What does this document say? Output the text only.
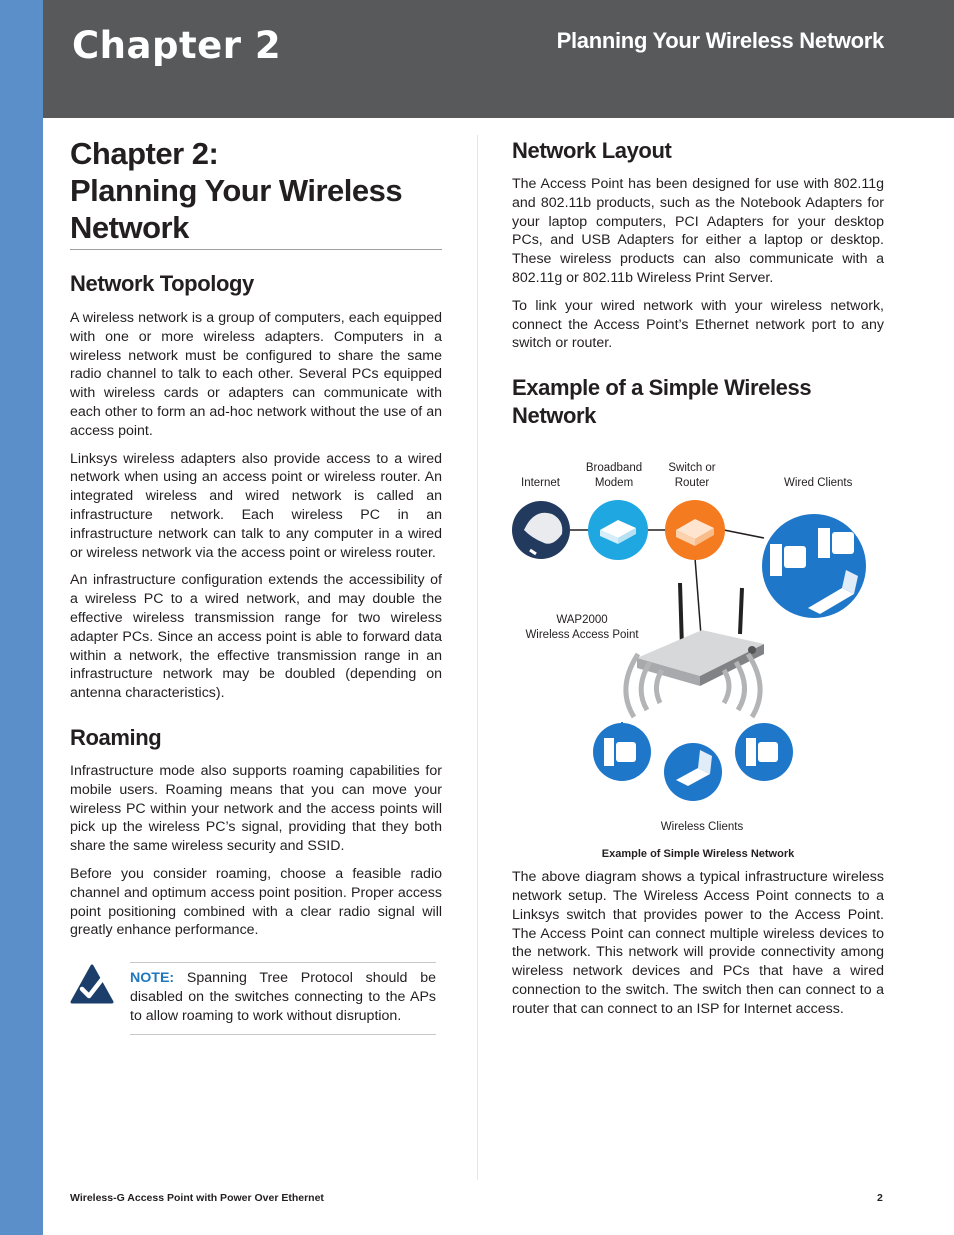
Chapter 2	Planning Your Wireless Network
Chapter 2:
Planning Your Wireless
Network
Network Topology

A wireless network is a group of computers, each equipped with one or more wireless adapters. Computers in a wireless network must be configured to share the same radio channel to talk to each other. Several PCs equipped with wireless cards or adapters can communicate with each other to form an ad-hoc network without the use of an access point.

Linksys wireless adapters also provide access to a wired network when using an access point or wireless router. An integrated wireless and wired network is called an infrastructure network. Each wireless PC in an infrastructure network can talk to any computer in a wired or wireless network via the access point or wireless router.

An infrastructure configuration extends the accessibility of a wireless PC to a wired network, and may double the effective wireless transmission range for two wireless adapter PCs. Since an access point is able to forward data within a network, the effective transmission range in an infrastructure network may be doubled (depending on antenna characteristics).

Roaming

Infrastructure mode also supports roaming capabilities for mobile users. Roaming means that you can move your wireless PC within your network and the access points will pick up the wireless PC’s signal, providing that they both share the same wireless security and SSID.

Before you consider roaming, choose a feasible radio channel and optimum access point position. Proper access point positioning combined with a clear radio signal will greatly enhance performance.

NOTE: Spanning Tree Protocol should be disabled on the switches connecting to the APs to allow roaming to work without disruption.

Network Layout

The Access Point has been designed for use with 802.11g and 802.11b products, such as the Notebook Adapters for your laptop computers, PCI Adapters for your desktop PCs, and USB Adapters for either a laptop or desktop. These wireless products can also communicate with a 802.11g or 802.11b Wireless Print Server.

To link your wired network with your wireless network, connect the Access Point’s Ethernet network port to any switch or router.

Example of a Simple Wireless Network
Internet
Broadband
Modem
Switch or
Router	Wired Clients
WAP2000
Wireless Access Point
Wireless Clients

Example of Simple Wireless Network

The above diagram shows a typical infrastructure wireless network setup. The Wireless Access Point connects to a Linksys switch that provides power to the Access Point. The Access Point can connect multiple wireless devices to the network. This network will provide connectivity among wireless network devices and PCs that have a wired connection to the switch. The switch then can connect to a router that can connect to an ISP for Internet access.

Wireless-G Access Point with Power Over Ethernet	2
